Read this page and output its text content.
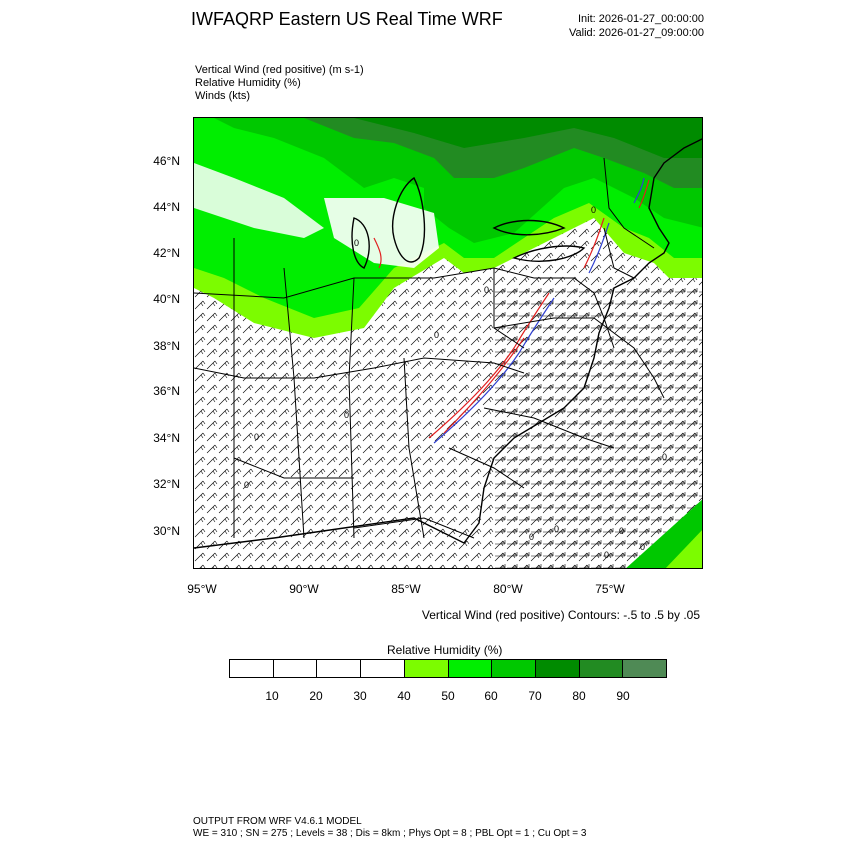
IWFAQRP Eastern US Real Time WRF	Init: 2026-01-27_00:00:00
Valid: 2026-01-27_09:00:00
Vertical Wind (red positive) (m s-1)
Relative Humidity (%)
Winds (kts)
0
0	0
0
0
0
0
0
0
0
0
0
0
46°N
44°N
42°N
40°N
38°N
36°N
34°N
32°N
30°N
95°W	90°W	85°W	80°W	75°W
Vertical Wind (red positive) Contours: -.5 to .5 by .05
Relative Humidity (%)
10	20	30	40	50	60	70	80	90
OUTPUT FROM WRF V4.6.1 MODEL
WE = 310 ; SN = 275 ; Levels = 38 ; Dis = 8km ; Phys Opt = 8 ; PBL Opt = 1 ; Cu Opt = 3
